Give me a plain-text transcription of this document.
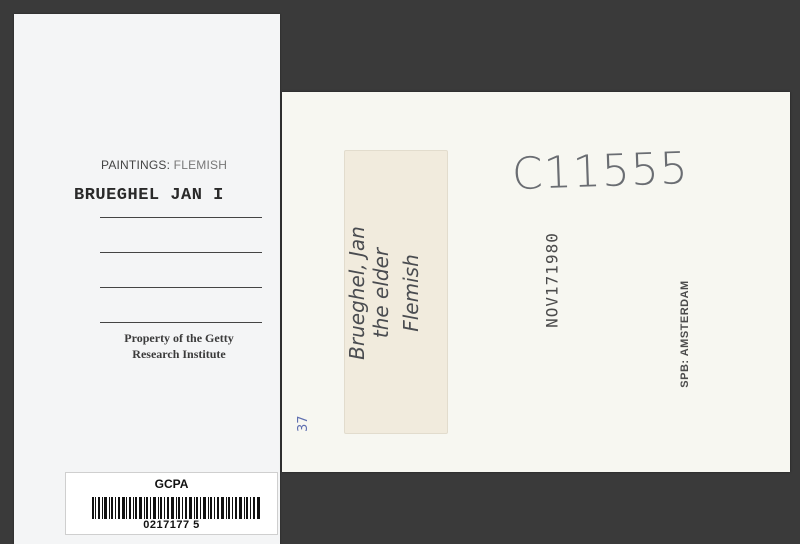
PAINTINGS: FLEMISH
BRUEGHEL JAN I
Property of the Getty
Research Institute
GCPA
0217177 5
Brueghel, Jan the elder Flemish
C11555
NOV171980
SPB: AMSTERDAM
37
